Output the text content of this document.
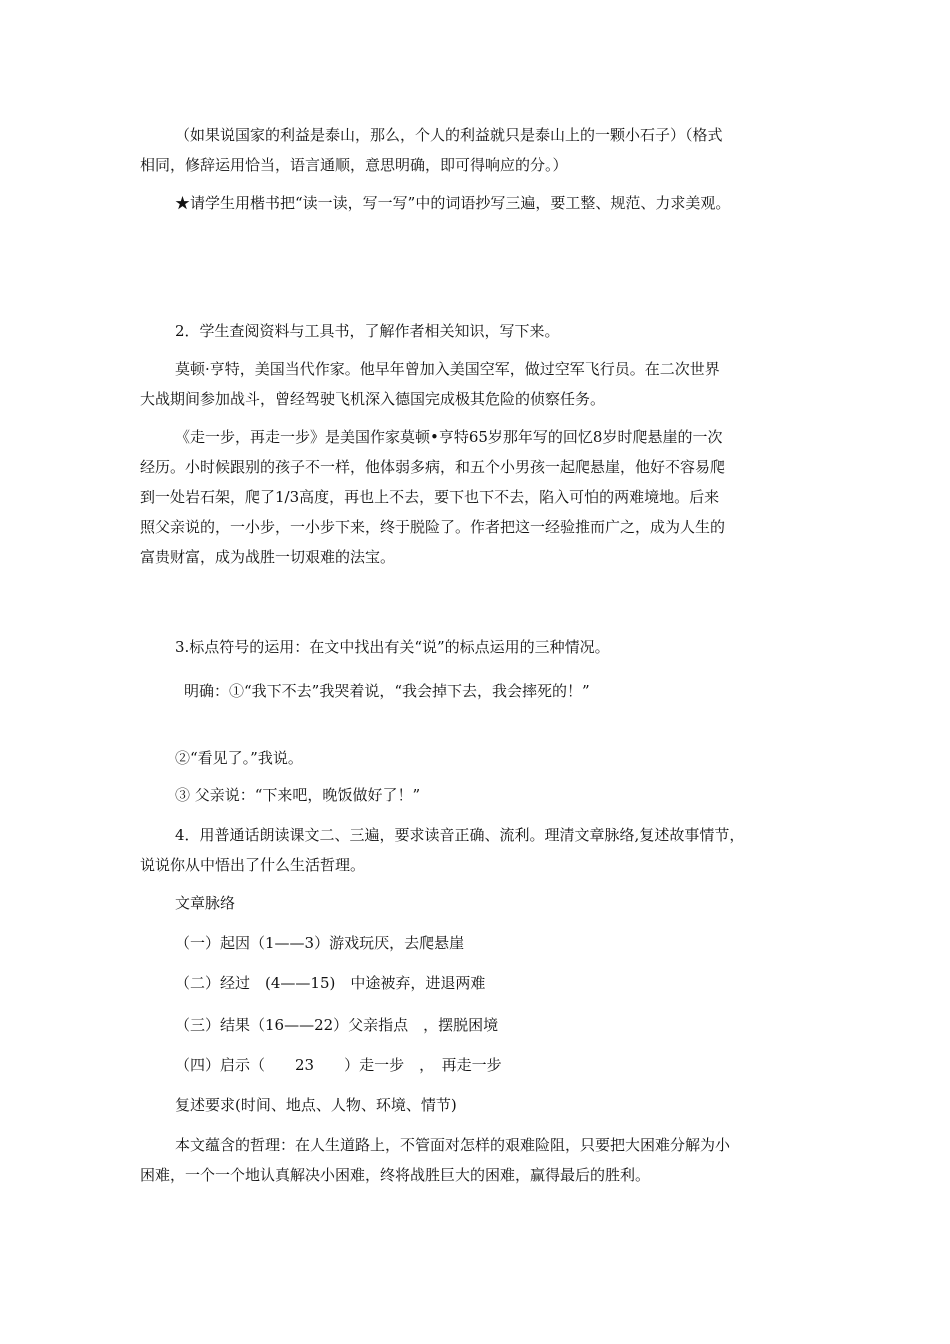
（如果说国家的利益是泰山，那么，个人的利益就只是泰山上的一颗小石子）（格式

相同，修辞运用恰当，语言通顺，意思明确，即可得响应的分。）

★请学生用楷书把“读一读，写一写”中的词语抄写三遍，要工整、规范、力求美观。

2．学生查阅资料与工具书，了解作者相关知识，写下来。

莫顿·亨特，美国当代作家。他早年曾加入美国空军，做过空军飞行员。在二次世界

大战期间参加战斗，曾经驾驶飞机深入德国完成极其危险的侦察任务。

《走一步，再走一步》是美国作家莫顿•亨特65岁那年写的回忆8岁时爬悬崖的一次

经历。小时候跟别的孩子不一样，他体弱多病，和五个小男孩一起爬悬崖，他好不容易爬

到一处岩石架，爬了1/3高度，再也上不去，要下也下不去，陷入可怕的两难境地。后来

照父亲说的，一小步，一小步下来，终于脱险了。作者把这一经验推而广之，成为人生的

富贵财富，成为战胜一切艰难的法宝。

3.标点符号的运用：在文中找出有关“说”的标点运用的三种情况。

明确：①“我下不去”我哭着说，“我会掉下去，我会摔死的！”

②“看见了。”我说。

③ 父亲说：“下来吧，晚饭做好了！”

4．用普通话朗读课文二、三遍，要求读音正确、流利。理清文章脉络,复述故事情节，

说说你从中悟出了什么生活哲理。

文章脉络

（一）起因（1——3）游戏玩厌，去爬悬崖

（二）经过　(4——15)　中途被弃，进退两难

（三）结果（16——22）父亲指点　，摆脱困境

（四）启示（　　23　　）走一步　，　再走一步

复述要求(时间、地点、人物、环境、情节)

本文蕴含的哲理：在人生道路上，不管面对怎样的艰难险阻，只要把大困难分解为小

困难，一个一个地认真解决小困难，终将战胜巨大的困难，赢得最后的胜利。
